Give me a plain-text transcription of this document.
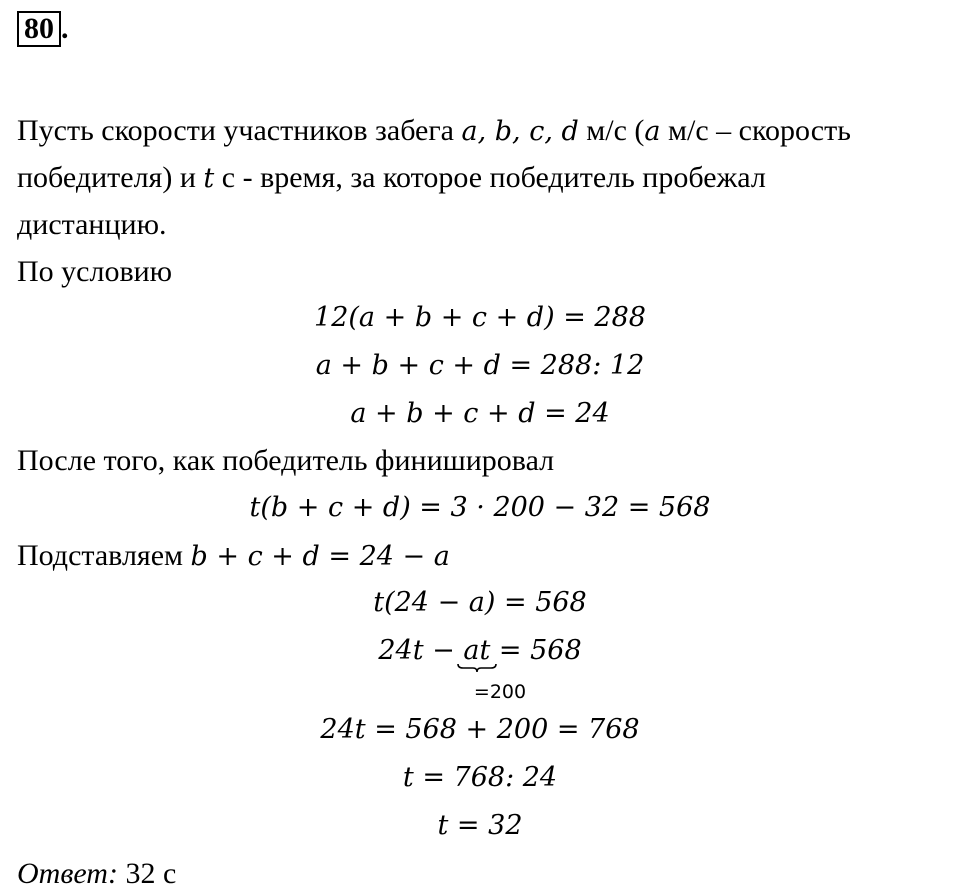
80 .
Пусть скорости участников забега a, b, c, d м/с (a м/с – скорость
победителя) и t с - время, за которое победитель пробежал
дистанцию.
По условию
12(a + b + c + d) = 288
a + b + c + d = 288: 12
a + b + c + d = 24
После того, как победитель финишировал
t(b + c + d) = 3 · 200 − 32 = 568
Подставляем b + c + d = 24 − a
t(24 − a) = 568
24t − at
= 568
=200
24t = 568 + 200 = 768
t = 768: 24
t = 32
Ответ: 32 с
